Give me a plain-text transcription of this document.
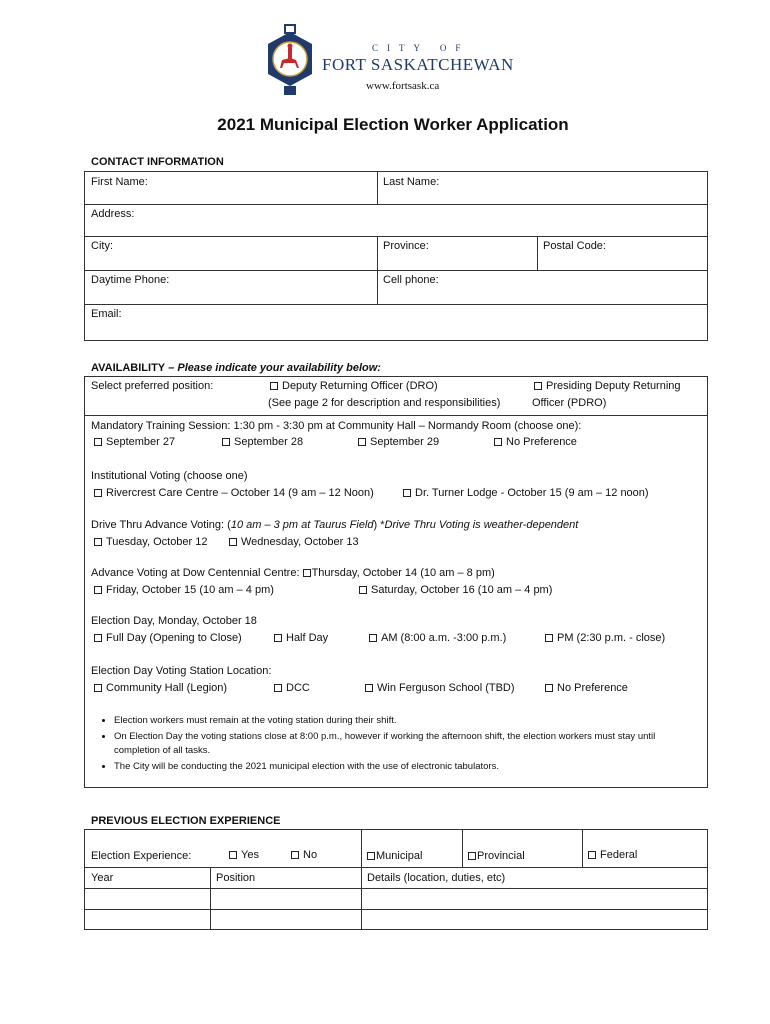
CITY OF
FORT SASKATCHEWAN
www.fortsask.ca
2021 Municipal Election Worker Application
CONTACT INFORMATION
First Name:	Last Name:
Address:
City:	Province:	Postal Code:
Daytime Phone:	Cell phone:
Email:
AVAILABILITY – Please indicate your availability below:
Select preferred position:	Deputy Returning Officer (DRO)
(See page 2 for description and responsibilities)
Presiding Deputy Returning
Officer (PDRO)
Mandatory Training Session: 1:30 pm - 3:30 pm at Community Hall – Normandy Room (choose one):
September 27	September 28	September 29	No Preference
Institutional Voting (choose one)
Rivercrest Care Centre – October 14 (9 am – 12 Noon)	Dr. Turner Lodge - October 15 (9 am – 12 noon)
Drive Thru Advance Voting: (10 am – 3 pm at Taurus Field) *Drive Thru Voting is weather-dependent
Tuesday, October 12	Wednesday, October 13
Advance Voting at Dow Centennial Centre: Thursday, October 14 (10 am – 8 pm)
Friday, October 15 (10 am – 4 pm)	Saturday, October 16 (10 am – 4 pm)
Election Day, Monday, October 18
Full Day (Opening to Close)	Half Day	AM (8:00 a.m. -3:00 p.m.)	PM (2:30 p.m. - close)
Election Day Voting Station Location:
Community Hall (Legion)	DCC	Win Ferguson School (TBD)	No Preference
• Election workers must remain at the voting station during their shift.
• On Election Day the voting stations close at 8:00 p.m., however if working the afternoon shift, the election workers must stay until completion of all tasks.
• The City will be conducting the 2021 municipal election with the use of electronic tabulators.
PREVIOUS ELECTION EXPERIENCE
Election Experience:	Yes	No	Municipal	Provincial	Federal
Year	Position	Details (location, duties, etc)
